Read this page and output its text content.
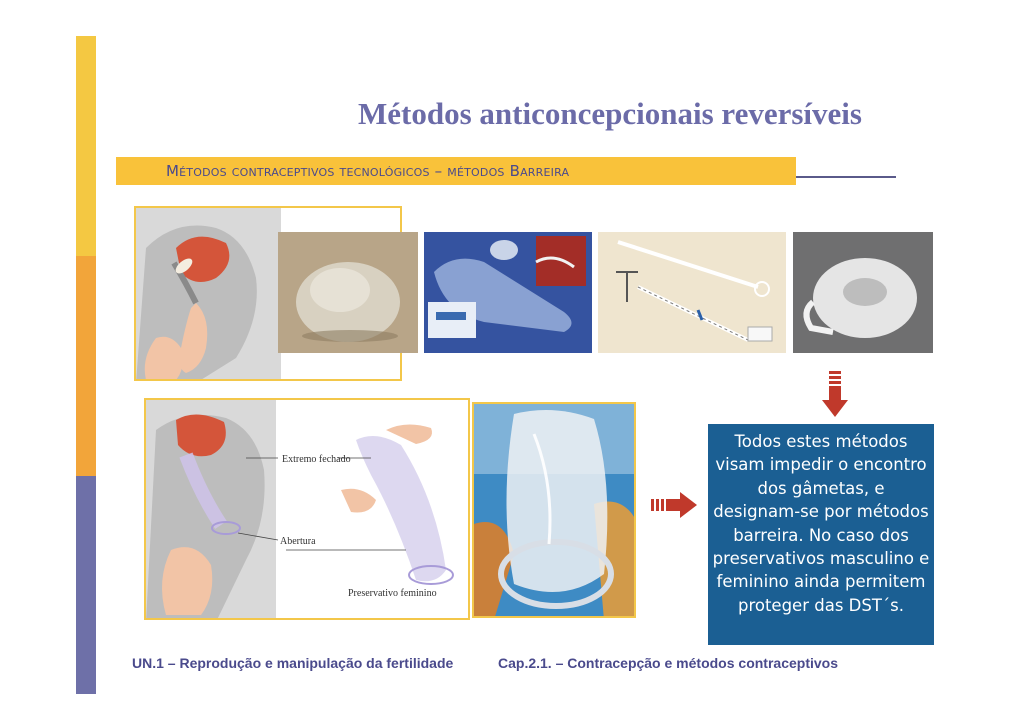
Métodos anticoncepcionais reversíveis
Métodos contraceptivos tecnológicos – métodos Barreira
Extremo fechado
Abertura
Preservativo feminino
Todos estes métodos visam impedir o encontro dos gâmetas, e designam-se por métodos barreira. No caso dos preservativos masculino e feminino ainda permitem proteger das DST´s.
UN.1 – Reprodução e manipulação da fertilidade	Cap.2.1. – Contracepção e métodos contraceptivos
